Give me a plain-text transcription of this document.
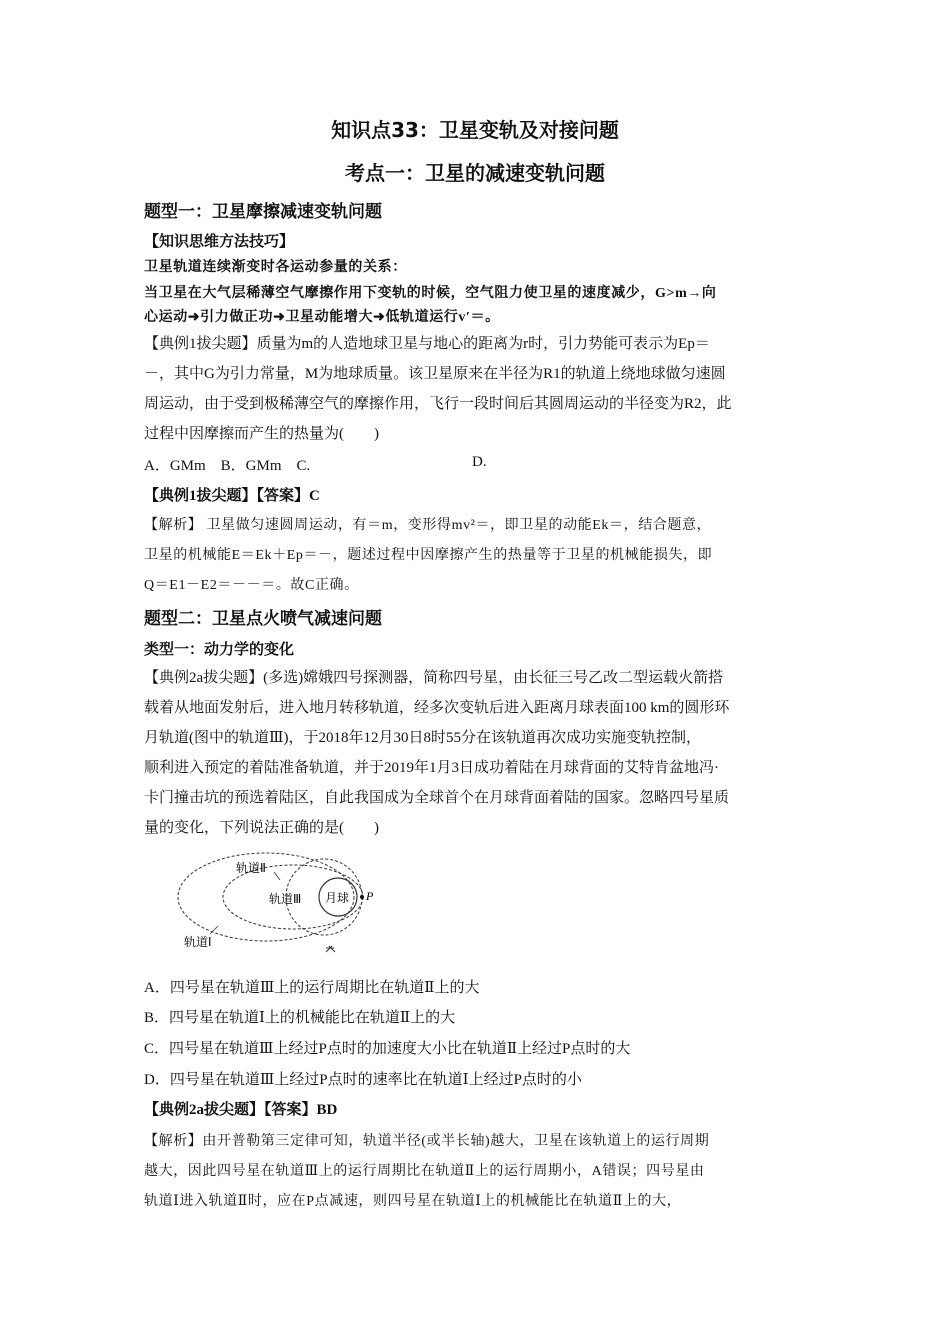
知识点33：卫星变轨及对接问题
考点一：卫星的减速变轨问题
题型一：卫星摩擦减速变轨问题
【知识思维方法技巧】
卫星轨道连续渐变时各运动参量的关系：
当卫星在大气层稀薄空气摩擦作用下变轨的时候，空气阻力使卫星的速度减少，G>m→向
心运动➜引力做正功➜卫星动能增大➜低轨道运行v′＝。
【典例1拔尖题】质量为m的人造地球卫星与地心的距离为r时，引力势能可表示为Ep＝
－，其中G为引力常量，M为地球质量。该卫星原来在半径为R1的轨道上绕地球做匀速圆
周运动，由于受到极稀薄空气的摩擦作用，飞行一段时间后其圆周运动的半径变为R2，此
过程中因摩擦而产生的热量为(　　)
A．GMm　B．GMm　C.	D.
【典例1拔尖题】【答案】C
【解析】 卫星做匀速圆周运动，有＝m，变形得mv²＝，即卫星的动能Ek＝，结合题意，
卫星的机械能E＝Ek＋Ep＝－，题述过程中因摩擦产生的热量等于卫星的机械能损失，即
Q＝E1－E2＝－－＝。故C正确。
题型二：卫星点火喷气减速问题
类型一：动力学的变化
【典例2a拔尖题】(多选)嫦娥四号探测器，简称四号星，由长征三号乙改二型运载火箭搭
载着从地面发射后，进入地月转移轨道，经多次变轨后进入距离月球表面100 km的圆形环
月轨道(图中的轨道Ⅲ)，于2018年12月30日8时55分在该轨道再次成功实施变轨控制，
顺利进入预定的着陆准备轨道，并于2019年1月3日成功着陆在月球背面的艾特肯盆地冯·
卡门撞击坑的预选着陆区，自此我国成为全球首个在月球背面着陆的国家。忽略四号星质
量的变化，下列说法正确的是(　　)
轨道Ⅱ
轨道Ⅲ 月球 P
轨道Ⅰ
A．四号星在轨道Ⅲ上的运行周期比在轨道Ⅱ上的大
B．四号星在轨道Ⅰ上的机械能比在轨道Ⅱ上的大
C．四号星在轨道Ⅲ上经过P点时的加速度大小比在轨道Ⅱ上经过P点时的大
D．四号星在轨道Ⅲ上经过P点时的速率比在轨道Ⅰ上经过P点时的小
【典例2a拔尖题】【答案】BD
【解析】由开普勒第三定律可知，轨道半径(或半长轴)越大，卫星在该轨道上的运行周期
越大，因此四号星在轨道Ⅲ上的运行周期比在轨道Ⅱ上的运行周期小，A错误；四号星由
轨道Ⅰ进入轨道Ⅱ时，应在P点减速，则四号星在轨道Ⅰ上的机械能比在轨道Ⅱ上的大，
